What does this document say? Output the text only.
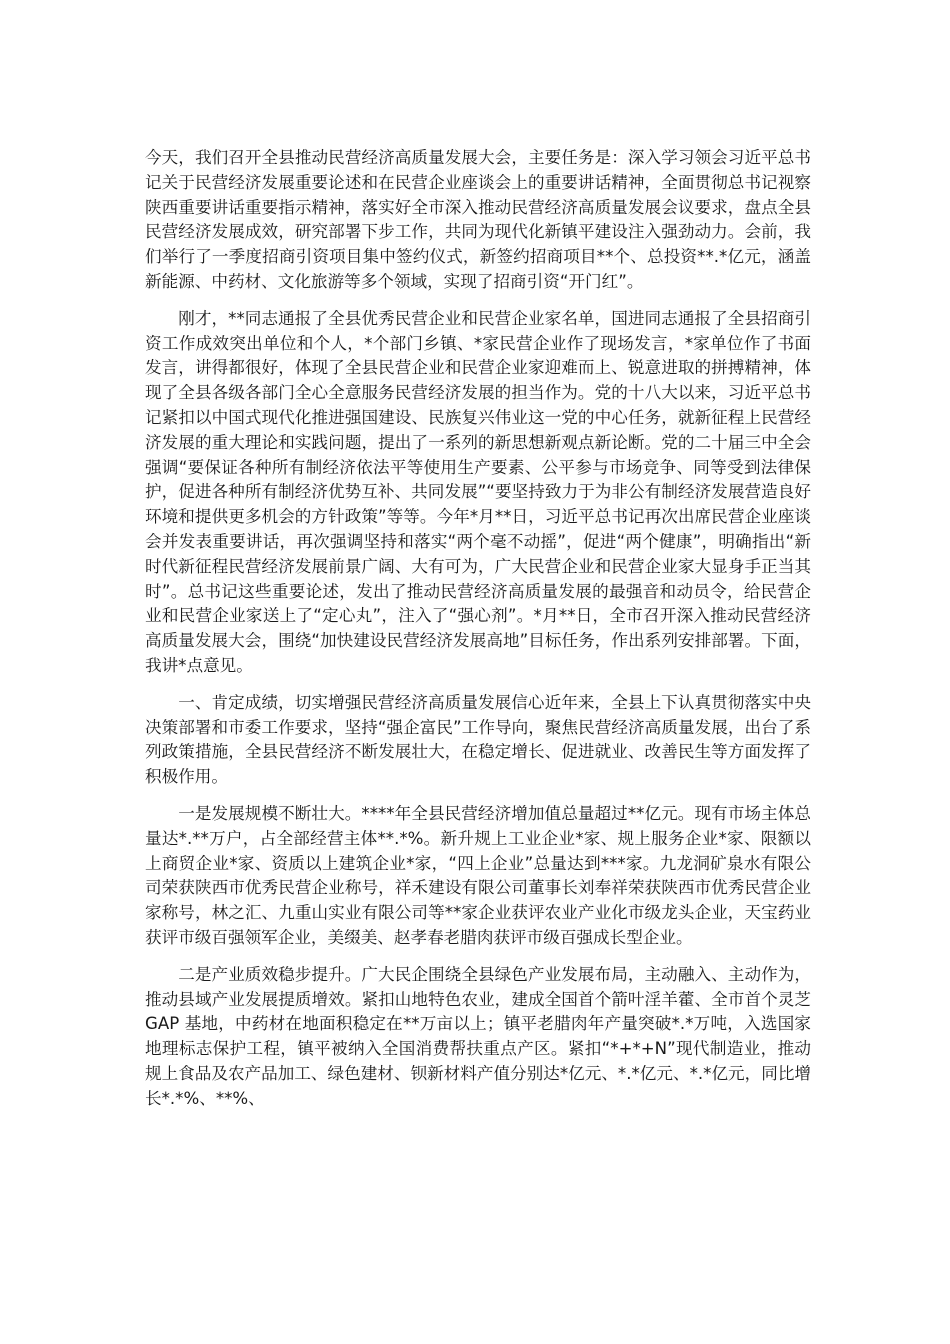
今天，我们召开全县推动民营经济高质量发展大会，主要任务是：深入学习领会习近平总书记关于民营经济发展重要论述和在民营企业座谈会上的重要讲话精神，全面贯彻总书记视察陕西重要讲话重要指示精神，落实好全市深入推动民营经济高质量发展会议要求，盘点全县民营经济发展成效，研究部署下步工作，共同为现代化新镇平建设注入强劲动力。会前，我们举行了一季度招商引资项目集中签约仪式，新签约招商项目**个、总投资**.*亿元，涵盖新能源、中药材、文化旅游等多个领域，实现了招商引资“开门红”。

刚才，**同志通报了全县优秀民营企业和民营企业家名单，国进同志通报了全县招商引资工作成效突出单位和个人，*个部门乡镇、*家民营企业作了现场发言，*家单位作了书面发言，讲得都很好，体现了全县民营企业和民营企业家迎难而上、锐意进取的拼搏精神，体现了全县各级各部门全心全意服务民营经济发展的担当作为。党的十八大以来，习近平总书记紧扣以中国式现代化推进强国建设、民族复兴伟业这一党的中心任务，就新征程上民营经济发展的重大理论和实践问题，提出了一系列的新思想新观点新论断。党的二十届三中全会强调“要保证各种所有制经济依法平等使用生产要素、公平参与市场竞争、同等受到法律保护，促进各种所有制经济优势互补、共同发展”“要坚持致力于为非公有制经济发展营造良好环境和提供更多机会的方针政策”等等。今年*月**日，习近平总书记再次出席民营企业座谈会并发表重要讲话，再次强调坚持和落实“两个毫不动摇”，促进“两个健康”，明确指出“新时代新征程民营经济发展前景广阔、大有可为，广大民营企业和民营企业家大显身手正当其时”。总书记这些重要论述，发出了推动民营经济高质量发展的最强音和动员令，给民营企业和民营企业家送上了“定心丸”，注入了“强心剂”。*月**日，全市召开深入推动民营经济高质量发展大会，围绕“加快建设民营经济发展高地”目标任务，作出系列安排部署。下面，我讲*点意见。

一、肯定成绩，切实增强民营经济高质量发展信心近年来，全县上下认真贯彻落实中央决策部署和市委工作要求，坚持“强企富民”工作导向，聚焦民营经济高质量发展，出台了系列政策措施，全县民营经济不断发展壮大，在稳定增长、促进就业、改善民生等方面发挥了积极作用。

一是发展规模不断壮大。****年全县民营经济增加值总量超过**亿元。现有市场主体总量达*.**万户，占全部经营主体**.*%。新升规上工业企业*家、规上服务企业*家、限额以上商贸企业*家、资质以上建筑企业*家，“四上企业”总量达到***家。九龙洞矿泉水有限公司荣获陕西市优秀民营企业称号，祥禾建设有限公司董事长刘奉祥荣获陕西市优秀民营企业家称号，林之汇、九重山实业有限公司等**家企业获评农业产业化市级龙头企业，天宝药业获评市级百强领军企业，美缀美、赵孝春老腊肉获评市级百强成长型企业。

二是产业质效稳步提升。广大民企围绕全县绿色产业发展布局，主动融入、主动作为，推动县域产业发展提质增效。紧扣山地特色农业，建成全国首个箭叶淫羊藿、全市首个灵芝 GAP 基地，中药材在地面积稳定在**万亩以上；镇平老腊肉年产量突破*.*万吨，入选国家地理标志保护工程，镇平被纳入全国消费帮扶重点产区。紧扣“*+*+N”现代制造业，推动规上食品及农产品加工、绿色建材、钡新材料产值分别达*亿元、*.*亿元、*.*亿元，同比增长*.*%、**%、
